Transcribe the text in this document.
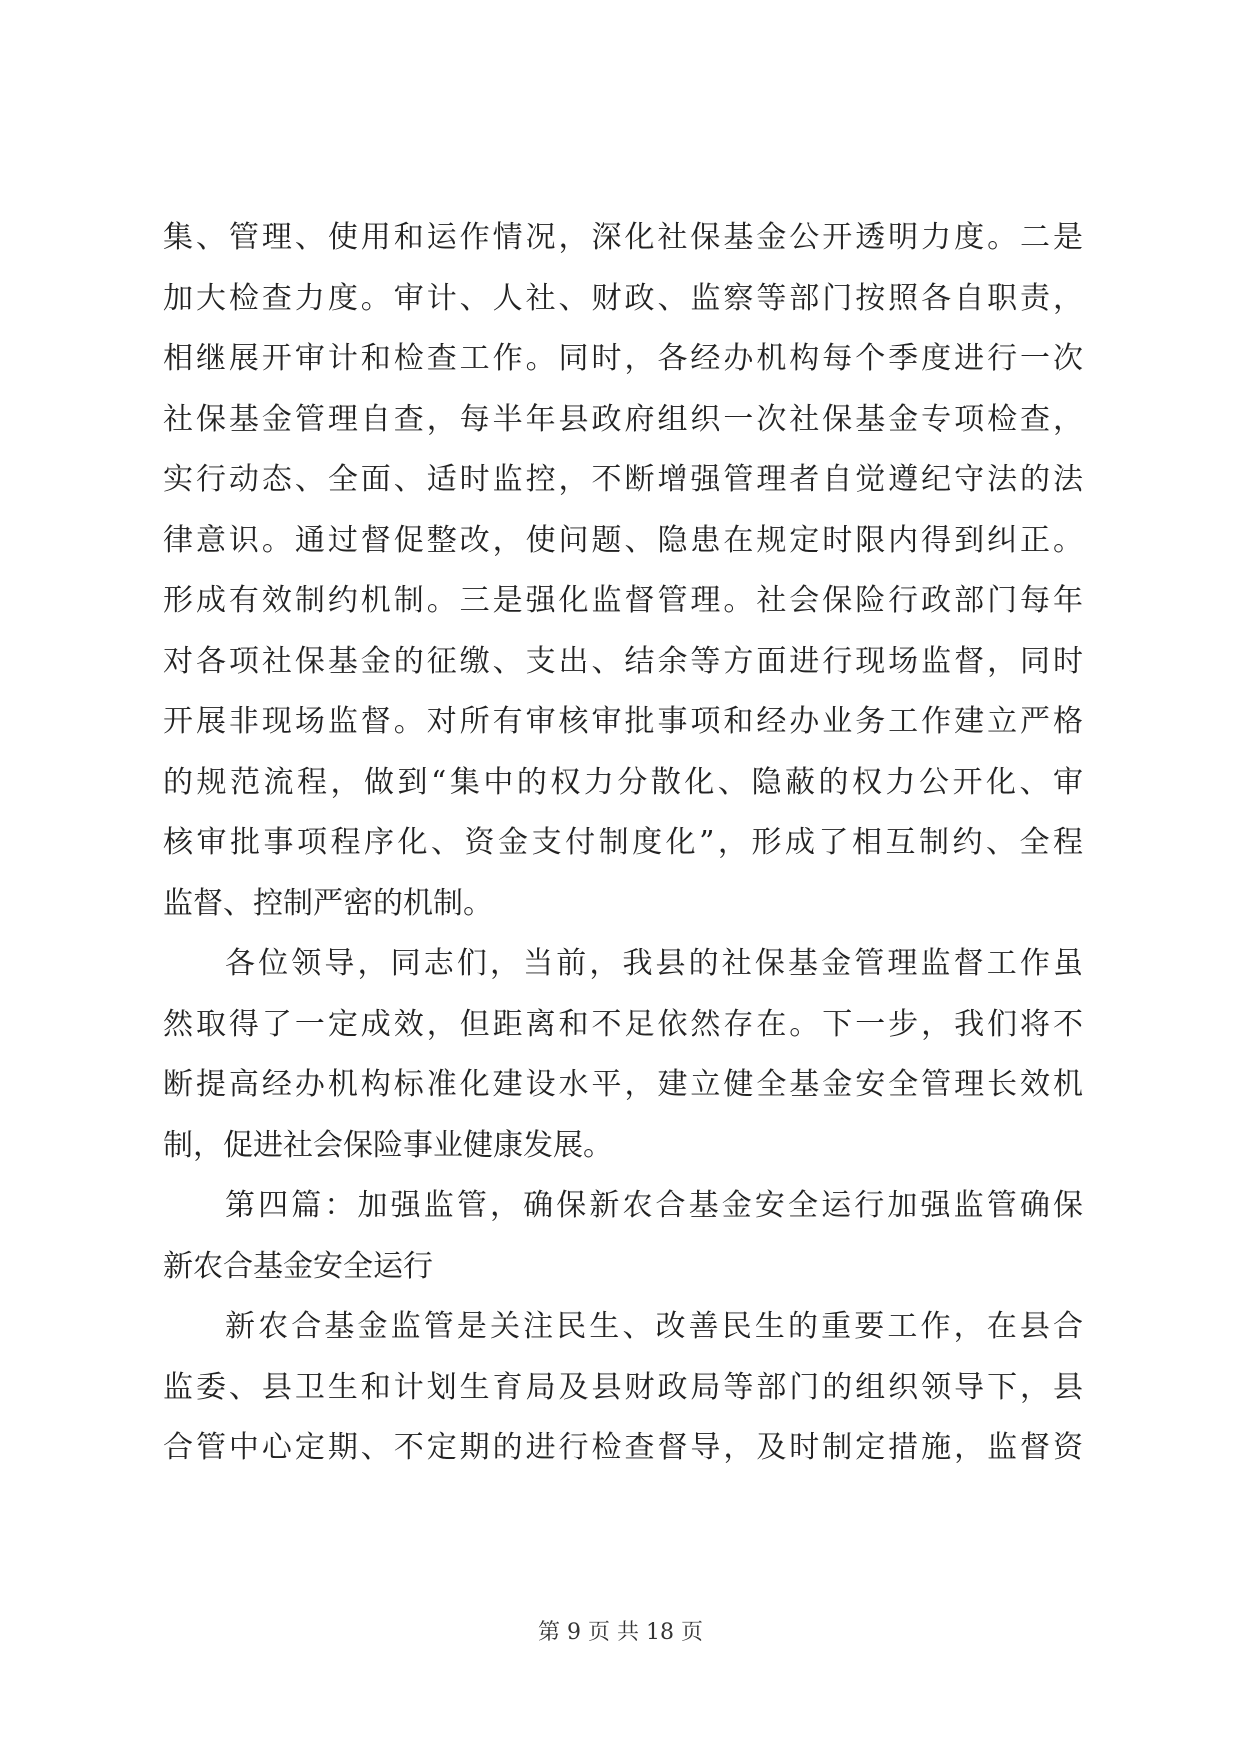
集、管理、使用和运作情况，深化社保基金公开透明力度。二是

加大检查力度。审计、人社、财政、监察等部门按照各自职责，

相继展开审计和检查工作。同时，各经办机构每个季度进行一次

社保基金管理自查，每半年县政府组织一次社保基金专项检查，

实行动态、全面、适时监控，不断增强管理者自觉遵纪守法的法

律意识。通过督促整改，使问题、隐患在规定时限内得到纠正。

形成有效制约机制。三是强化监督管理。社会保险行政部门每年

对各项社保基金的征缴、支出、结余等方面进行现场监督，同时

开展非现场监督。对所有审核审批事项和经办业务工作建立严格

的规范流程，做到“集中的权力分散化、隐蔽的权力公开化、审

核审批事项程序化、资金支付制度化”，形成了相互制约、全程

监督、控制严密的机制。

各位领导，同志们，当前，我县的社保基金管理监督工作虽

然取得了一定成效，但距离和不足依然存在。下一步，我们将不

断提高经办机构标准化建设水平，建立健全基金安全管理长效机

制，促进社会保险事业健康发展。

第四篇：加强监管，确保新农合基金安全运行加强监管确保

新农合基金安全运行

新农合基金监管是关注民生、改善民生的重要工作，在县合

监委、县卫生和计划生育局及县财政局等部门的组织领导下，县

合管中心定期、不定期的进行检查督导，及时制定措施，监督资

第 9 页 共 18 页
